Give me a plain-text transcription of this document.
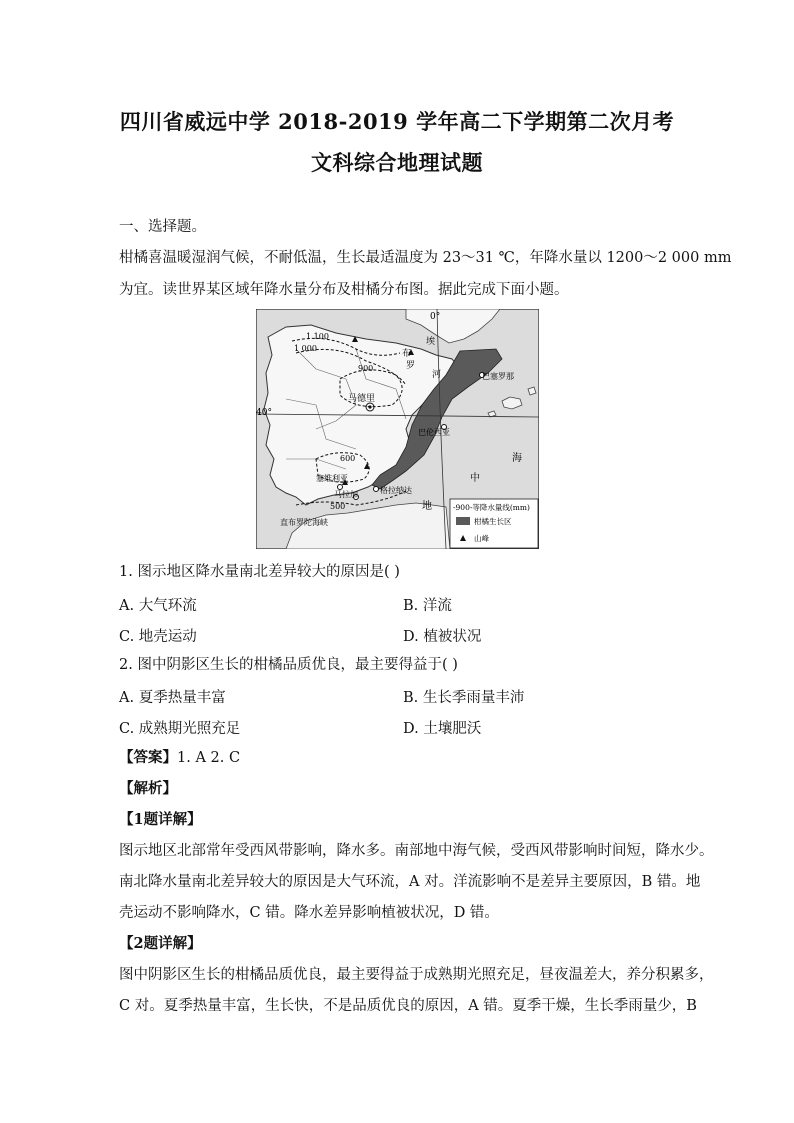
四川省威远中学 2018-2019 学年高二下学期第二次月考
文科综合地理试题
一、选择题。
柑橘喜温暖湿润气候，不耐低温，生长最适温度为 23～31 ℃，年降水量以 1200～2 000 mm
为宜。读世界某区域年降水量分布及柑橘分布图。据此完成下面小题。
0°
40°
1 100
1 000
900
600
500
马德里
巴塞罗那
巴伦西亚
塞维利亚
马拉加	格拉纳达
直布罗陀海峡
埃
布
罗
河
海
中
地	-900-等降水量线(mm)
柑橘生长区
山峰
1. 图示地区降水量南北差异较大的原因是( )
A. 大气环流	B. 洋流
C. 地壳运动	D. 植被状况
2. 图中阴影区生长的柑橘品质优良，最主要得益于( )
A. 夏季热量丰富	B. 生长季雨量丰沛
C. 成熟期光照充足	D. 土壤肥沃
【答案】1. A 2. C
【解析】
【1题详解】
图示地区北部常年受西风带影响，降水多。南部地中海气候，受西风带影响时间短，降水少。
南北降水量南北差异较大的原因是大气环流，A 对。洋流影响不是差异主要原因，B 错。地
壳运动不影响降水，C 错。降水差异影响植被状况，D 错。
【2题详解】
图中阴影区生长的柑橘品质优良，最主要得益于成熟期光照充足，昼夜温差大，养分积累多，
C 对。夏季热量丰富，生长快，不是品质优良的原因，A 错。夏季干燥，生长季雨量少，B
